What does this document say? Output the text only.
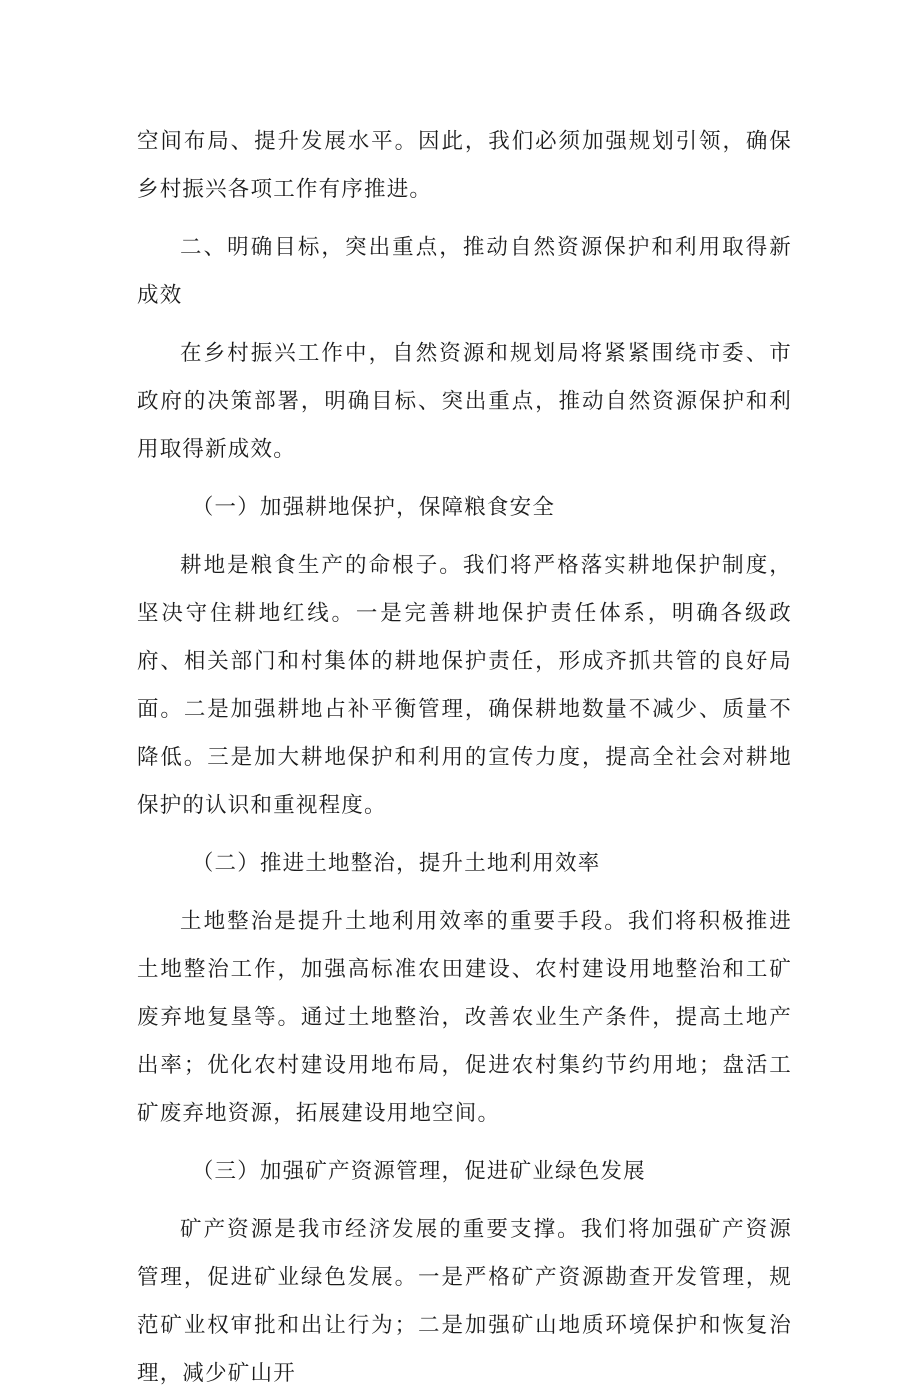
空间布局、提升发展水平。因此，我们必须加强规划引领，确保乡村振兴各项工作有序推进。

二、明确目标，突出重点，推动自然资源保护和利用取得新成效

在乡村振兴工作中，自然资源和规划局将紧紧围绕市委、市政府的决策部署，明确目标、突出重点，推动自然资源保护和利用取得新成效。

（一）加强耕地保护，保障粮食安全

耕地是粮食生产的命根子。我们将严格落实耕地保护制度，坚决守住耕地红线。一是完善耕地保护责任体系，明确各级政府、相关部门和村集体的耕地保护责任，形成齐抓共管的良好局面。二是加强耕地占补平衡管理，确保耕地数量不减少、质量不降低。三是加大耕地保护和利用的宣传力度，提高全社会对耕地保护的认识和重视程度。

（二）推进土地整治，提升土地利用效率

土地整治是提升土地利用效率的重要手段。我们将积极推进土地整治工作，加强高标准农田建设、农村建设用地整治和工矿废弃地复垦等。通过土地整治，改善农业生产条件，提高土地产出率；优化农村建设用地布局，促进农村集约节约用地；盘活工矿废弃地资源，拓展建设用地空间。

（三）加强矿产资源管理，促进矿业绿色发展

矿产资源是我市经济发展的重要支撑。我们将加强矿产资源管理，促进矿业绿色发展。一是严格矿产资源勘查开发管理，规范矿业权审批和出让行为；二是加强矿山地质环境保护和恢复治理，减少矿山开
